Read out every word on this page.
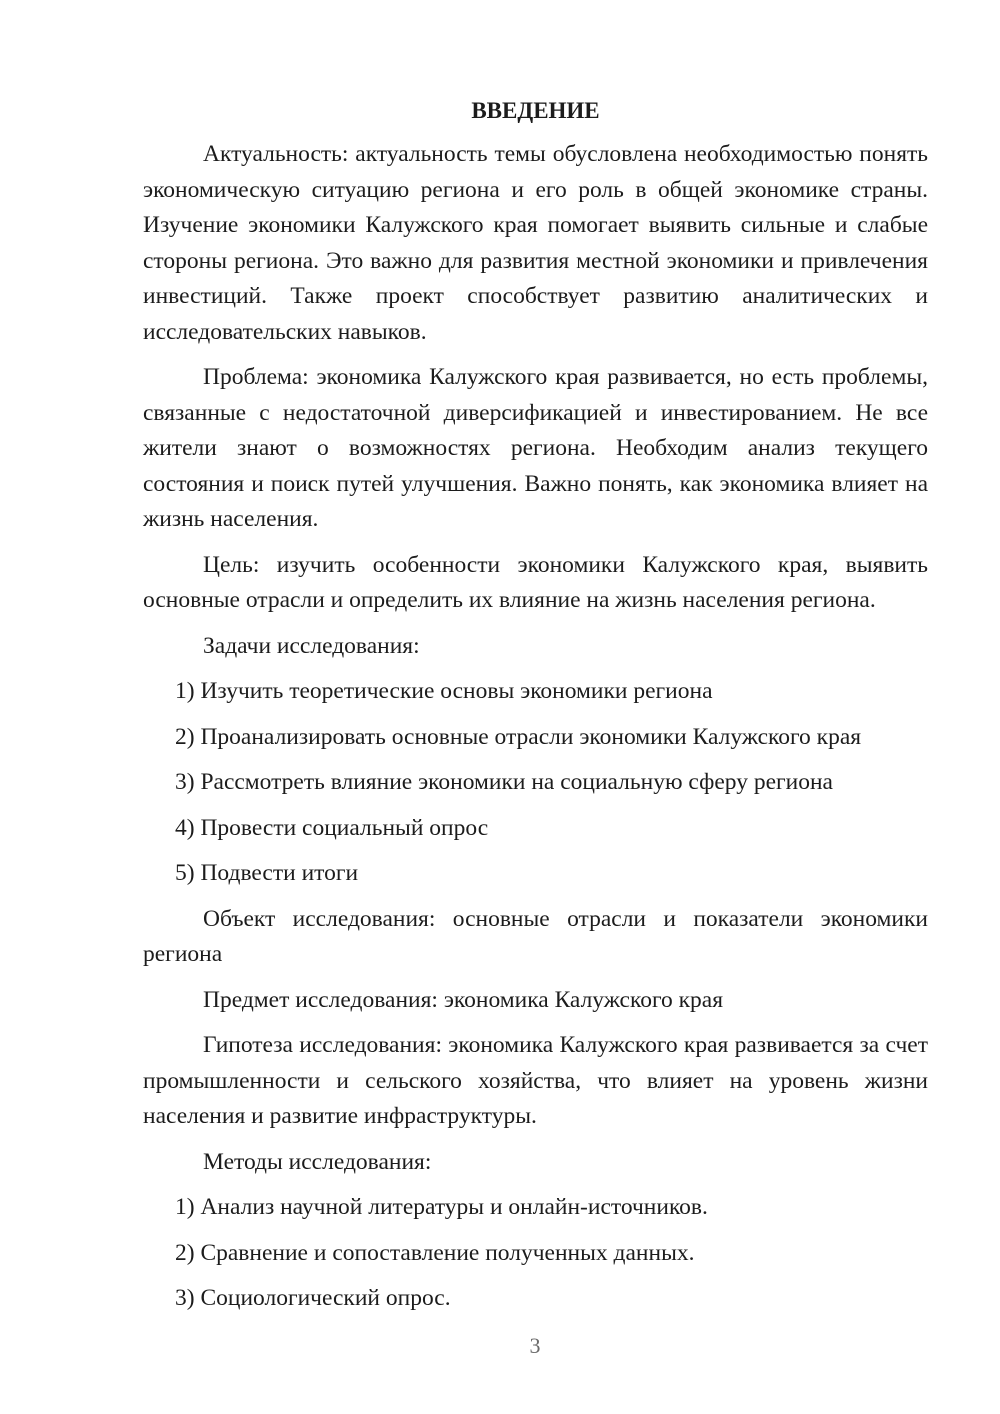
ВВЕДЕНИЕ

Актуальность: актуальность темы обусловлена необходимостью понять экономическую ситуацию региона и его роль в общей экономике страны. Изучение экономики Калужского края помогает выявить сильные и слабые стороны региона. Это важно для развития местной экономики и привлечения инвестиций. Также проект способствует развитию аналитических и исследовательских навыков.

Проблема: экономика Калужского края развивается, но есть проблемы, связанные с недостаточной диверсификацией и инвестированием. Не все жители знают о возможностях региона. Необходим анализ текущего состояния и поиск путей улучшения. Важно понять, как экономика влияет на жизнь населения.

Цель: изучить особенности экономики Калужского края, выявить основные отрасли и определить их влияние на жизнь населения региона.

Задачи исследования:
1) Изучить теоретические основы экономики региона
2) Проанализировать основные отрасли экономики Калужского края
3) Рассмотреть влияние экономики на социальную сферу региона
4) Провести социальный опрос
5) Подвести итоги

Объект исследования: основные отрасли и показатели экономики региона

Предмет исследования: экономика Калужского края

Гипотеза исследования: экономика Калужского края развивается за счет промышленности и сельского хозяйства, что влияет на уровень жизни населения и развитие инфраструктуры.

Методы исследования:
1) Анализ научной литературы и онлайн-источников.
2) Сравнение и сопоставление полученных данных.
3) Социологический опрос.
3
